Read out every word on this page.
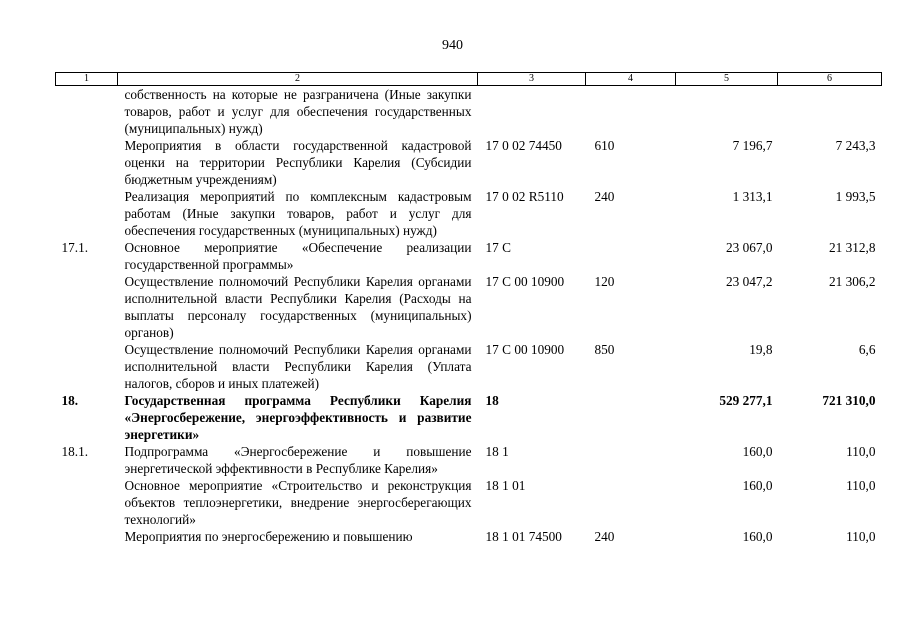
940
1	2	3	4	5	6
	собственность на которые не разграничена (Иные закупки товаров, работ и услуг для обеспечения государственных (муниципальных) нужд)				
	Мероприятия в области государственной кадастровой оценки на территории Республики Карелия (Субсидии бюджетным учреждениям)	17 0 02 74450	610	7 196,7	7 243,3
	Реализация мероприятий по комплексным кадастровым работам (Иные закупки товаров, работ и услуг для обеспечения государственных (муниципальных) нужд)	17 0 02 R5110	240	1 313,1	1 993,5
17.1.	Основное мероприятие «Обеспечение реализации государственной программы»	17 С		23 067,0	21 312,8
	Осуществление полномочий Республики Карелия органами исполнительной власти Республики Карелия (Расходы на выплаты персоналу государственных (муниципальных) органов)	17 С 00 10900	120	23 047,2	21 306,2
	Осуществление полномочий Республики Карелия органами исполнительной власти Республики Карелия (Уплата налогов, сборов и иных платежей)	17 С 00 10900	850	19,8	6,6
18.	Государственная программа Республики Карелия «Энергосбережение, энергоэффективность и развитие энергетики»	18		529 277,1	721 310,0
18.1.	Подпрограмма «Энергосбережение и повышение энергетической эффективности в Республике Карелия»	18 1		160,0	110,0
	Основное мероприятие «Строительство и реконструкция объектов теплоэнергетики, внедрение энергосберегающих технологий»	18 1 01		160,0	110,0
	Мероприятия по энергосбережению и повышению	18 1 01 74500	240	160,0	110,0
